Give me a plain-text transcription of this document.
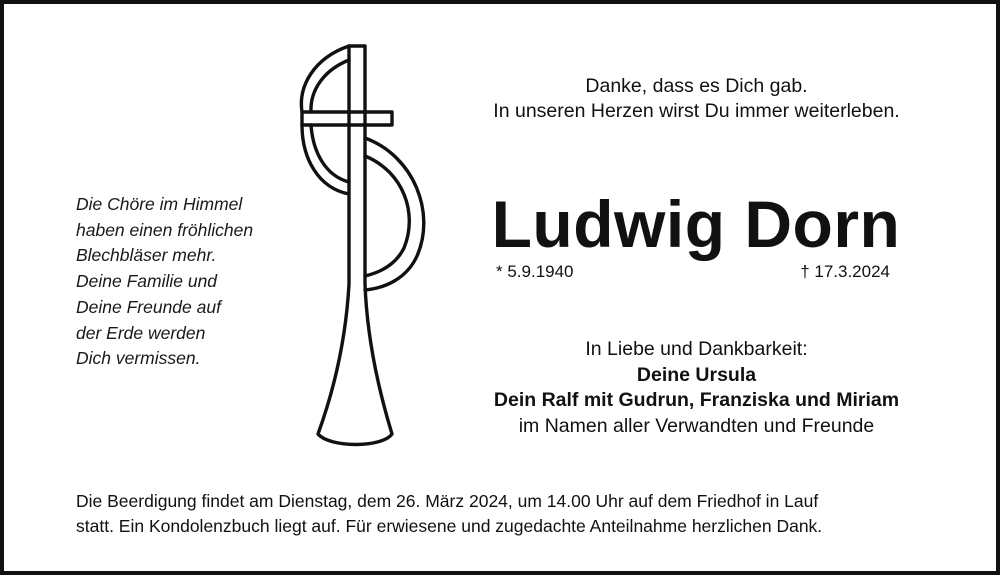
Die Chöre im Himmel
haben einen fröhlichen
Blechbläser mehr.
Deine Familie und
Deine Freunde auf
der Erde werden
Dich vermissen.
Danke, dass es Dich gab.
In unseren Herzen wirst Du immer weiterleben.
Ludwig Dorn
* 5.9.1940	† 17.3.2024
In Liebe und Dankbarkeit:
Deine Ursula
Dein Ralf mit Gudrun, Franziska und Miriam
im Namen aller Verwandten und Freunde
Die Beerdigung findet am Dienstag, dem 26. März 2024, um 14.00 Uhr auf dem Friedhof in Lauf
statt. Ein Kondolenzbuch liegt auf. Für erwiesene und zugedachte Anteilnahme herzlichen Dank.
